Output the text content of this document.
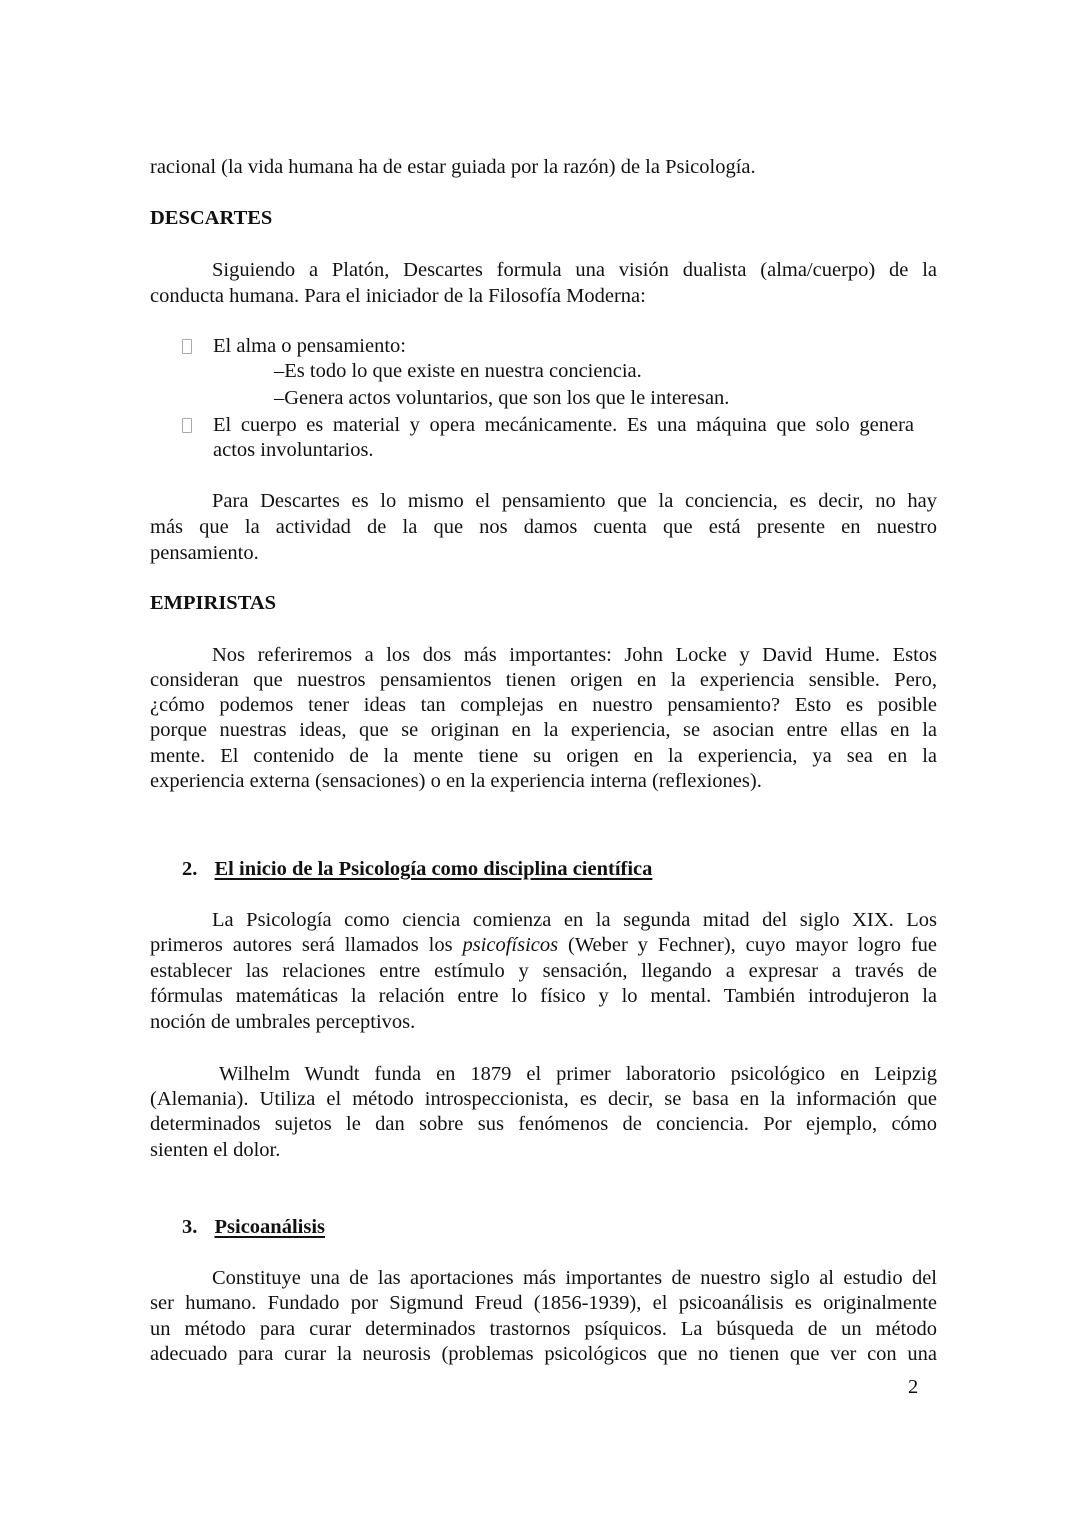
racional (la vida humana ha de estar guiada por la razón) de la Psicología.
DESCARTES
Siguiendo a Platón, Descartes formula una visión dualista (alma/cuerpo) de la
conducta humana. Para el iniciador de la Filosofía Moderna:
El alma o pensamiento:
–Es todo lo que existe en nuestra conciencia.
–Genera actos voluntarios, que son los que le interesan.
El cuerpo es material y opera mecánicamente. Es una máquina que solo genera
actos involuntarios.
Para Descartes es lo mismo el pensamiento que la conciencia, es decir, no hay
más que la actividad de la que nos damos cuenta que está presente en nuestro
pensamiento.
EMPIRISTAS
Nos referiremos a los dos más importantes: John Locke y David Hume. Estos
consideran que nuestros pensamientos tienen origen en la experiencia sensible. Pero,
¿cómo podemos tener ideas tan complejas en nuestro pensamiento? Esto es posible
porque nuestras ideas, que se originan en la experiencia, se asocian entre ellas en la
mente. El contenido de la mente tiene su origen en la experiencia, ya sea en la
experiencia externa (sensaciones) o en la experiencia interna (reflexiones).
2. El inicio de la Psicología como disciplina científica
La Psicología como ciencia comienza en la segunda mitad del siglo XIX. Los
primeros autores será llamados los psicofísicos (Weber y Fechner), cuyo mayor logro fue
establecer las relaciones entre estímulo y sensación, llegando a expresar a través de
fórmulas matemáticas la relación entre lo físico y lo mental. También introdujeron la
noción de umbrales perceptivos.
Wilhelm Wundt funda en 1879 el primer laboratorio psicológico en Leipzig
(Alemania). Utiliza el método introspeccionista, es decir, se basa en la información que
determinados sujetos le dan sobre sus fenómenos de conciencia. Por ejemplo, cómo
sienten el dolor.
3. Psicoanálisis
Constituye una de las aportaciones más importantes de nuestro siglo al estudio del
ser humano. Fundado por Sigmund Freud (1856-1939), el psicoanálisis es originalmente
un método para curar determinados trastornos psíquicos. La búsqueda de un método
adecuado para curar la neurosis (problemas psicológicos que no tienen que ver con una
2
